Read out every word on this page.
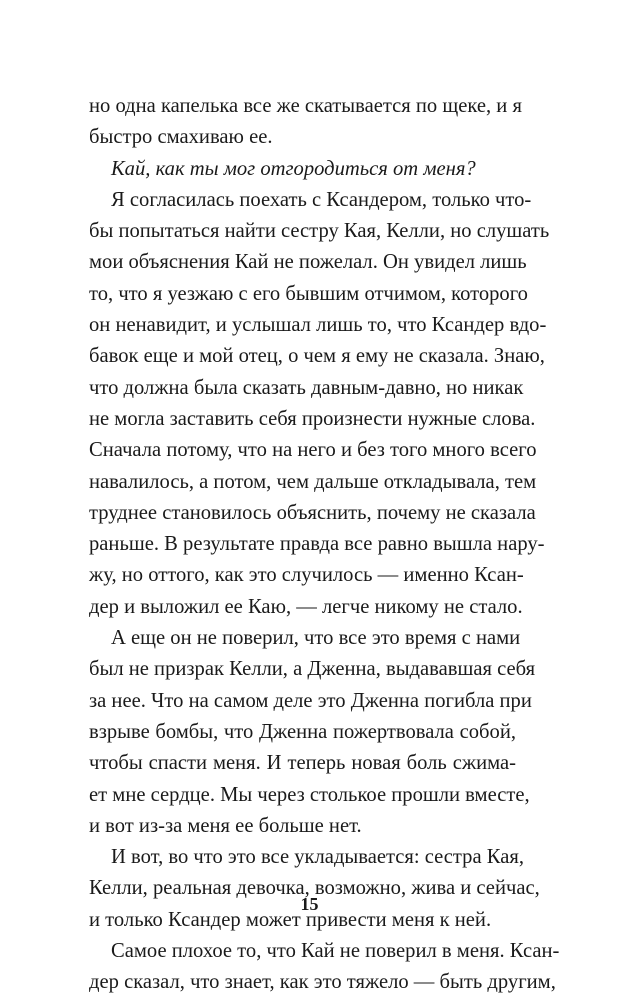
но одна капелька все же скатывается по щеке, и я
быстро смахиваю ее.
Кай, как ты мог отгородиться от меня?
Я согласилась поехать с Ксандером, только что-
бы попытаться найти сестру Кая, Келли, но слушать
мои объяснения Кай не пожелал. Он увидел лишь
то, что я уезжаю с его бывшим отчимом, которого
он ненавидит, и услышал лишь то, что Ксандер вдо-
бавок еще и мой отец, о чем я ему не сказала. Знаю,
что должна была сказать давным-давно, но никак
не могла заставить себя произнести нужные слова.
Сначала потому, что на него и без того много всего
навалилось, а потом, чем дальше откладывала, тем
труднее становилось объяснить, почему не сказала
раньше. В результате правда все равно вышла нару-
жу, но оттого, как это случилось — именно Ксан-
дер и выложил ее Каю, — легче никому не стало.
А еще он не поверил, что все это время с нами
был не призрак Келли, а Дженна, выдававшая себя
за нее. Что на самом деле это Дженна погибла при
взрыве бомбы, что Дженна пожертвовала собой,
чтобы спасти меня. И теперь новая боль сжима-
ет мне сердце. Мы через столькое прошли вместе,
и вот из-за меня ее больше нет.
И вот, во что это все укладывается: сестра Кая,
Келли, реальная девочка, возможно, жива и сейчас,
и только Ксандер может привести меня к ней.
Самое плохое то, что Кай не поверил в меня. Ксан-
дер сказал, что знает, как это тяжело — быть другим,
15
